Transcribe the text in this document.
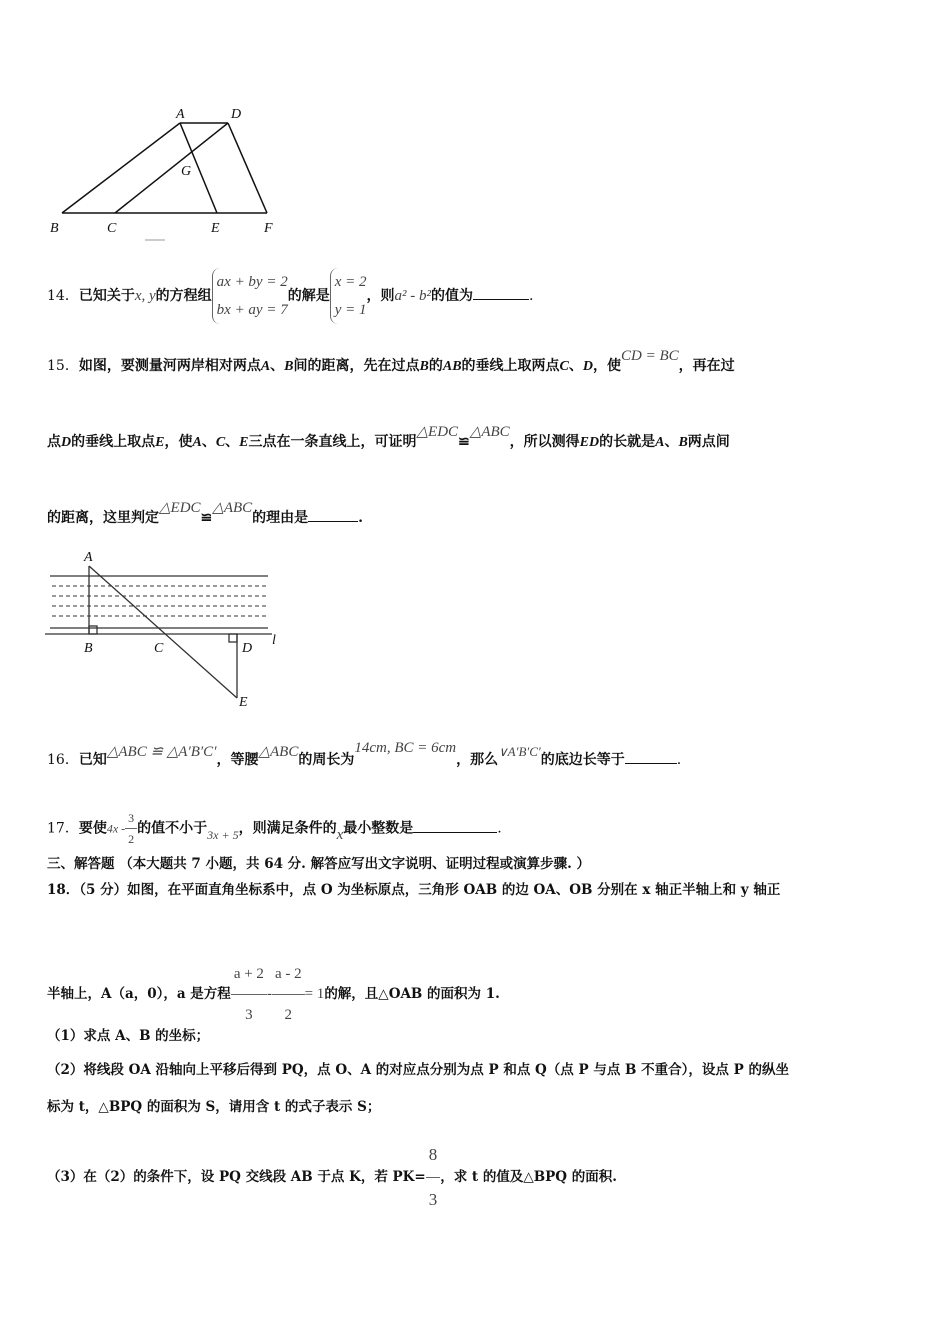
A	D
G
B	C	E	F
14．已知关于x, y的方程组ax + by = 2
bx + ay = 7的解是x = 2
y = 1，则a² - b²的值为	.
15．如图，要测量河两岸相对两点A、B间的距离，先在过点B的AB的垂线上取两点C、D，使CD = BC，再在过
点D的垂线上取点E，使A、C、E三点在一条直线上，可证明△EDC≌△ABC，所以测得ED的长就是A、B两点间
的距离，这里判定△EDC≌△ABC的理由是	.
A
B	C	D
E
l
16．已知△ABC ≌ △A′B′C′，等腰△ABC的周长为14cm, BC = 6cm，那么∨A′B′C′的底边长等于	.
17．要使$4x - \frac{3}{2}$ 的值不小于3x + 5，则满足条件的x最小整数是	.
三、解答题 （本大题共 7 小题，共 64 分. 解答应写出文字说明、证明过程或演算步骤. ）
18．（5 分）如图，在平面直角坐标系中，点 O 为坐标原点，三角形 OAB 的边 OA、OB 分别在 x 轴正半轴上和 y 轴正
半轴上，A（a，0），a 是方程 $\frac{a + 2}{3} - \frac{a - 2}{2} = 1$的解，且△OAB 的面积为 1.
（1）求点 A、B 的坐标；
（2）将线段 OA 沿轴向上平移后得到 PQ，点 O、A 的对应点分别为点 P 和点 Q（点 P 与点 B 不重合），设点 P 的纵坐
标为 t，△BPQ 的面积为 S，请用含 t 的式子表示 S；
（3）在（2）的条件下，设 PQ 交线段 AB 于点 K，若 $PK= \frac{8}{3}$ ，求 t 的值及△BPQ 的面积.
